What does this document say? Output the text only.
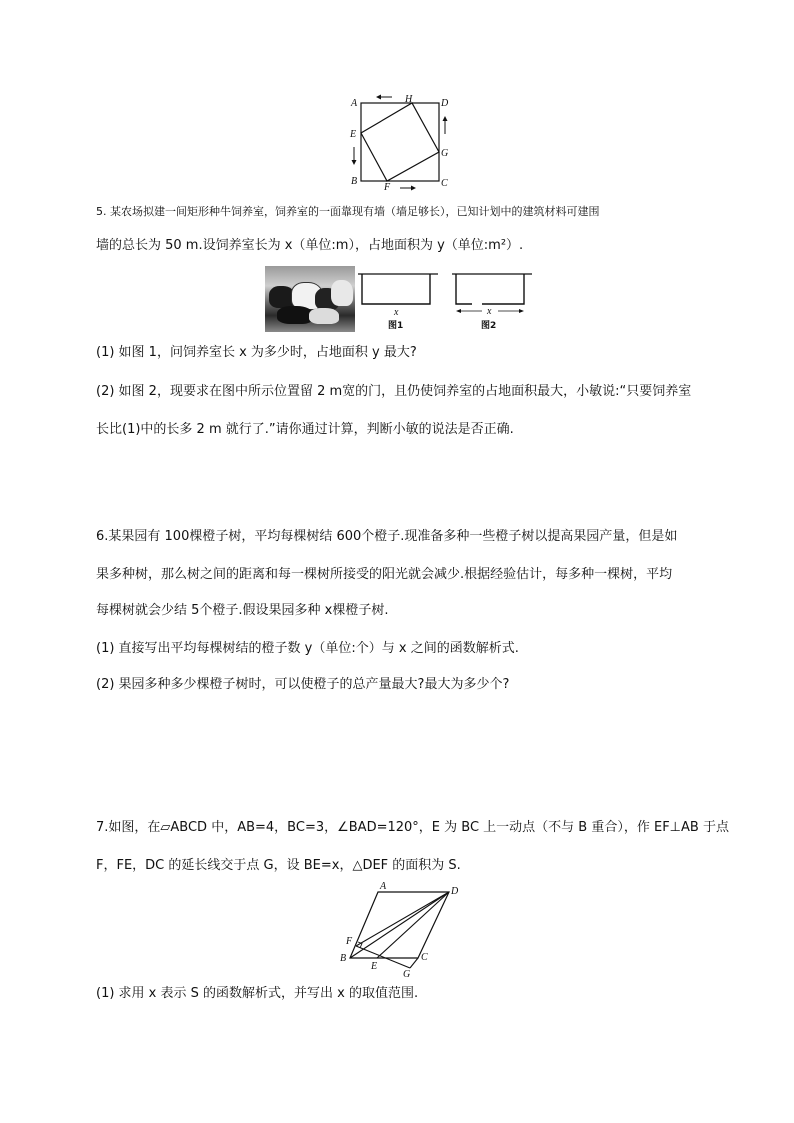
A	H	D
E
G
B
F	C
5. 某农场拟建一间矩形种牛饲养室，饲养室的一面靠现有墙（墙足够长），已知计划中的建筑材料可建围
墙的总长为 50 m.设饲养室长为 x（单位:m），占地面积为 y（单位:m²）.
x
图1
x
图2
(1) 如图 1，问饲养室长 x 为多少时，占地面积 y 最大?
(2) 如图 2，现要求在图中所示位置留 2 m宽的门，且仍使饲养室的占地面积最大，小敏说:“只要饲养室
长比(1)中的长多 2 m 就行了.”请你通过计算，判断小敏的说法是否正确.
6.某果园有 100棵橙子树，平均每棵树结 600个橙子.现准备多种一些橙子树以提高果园产量，但是如
果多种树，那么树之间的距离和每一棵树所接受的阳光就会减少.根据经验估计，每多种一棵树，平均
每棵树就会少结 5个橙子.假设果园多种 x棵橙子树.
(1) 直接写出平均每棵树结的橙子数 y（单位:个）与 x 之间的函数解析式.
(2) 果园多种多少棵橙子树时，可以使橙子的总产量最大?最大为多少个?
7.如图，在▱ABCD 中，AB=4，BC=3，∠BAD=120°，E 为 BC 上一动点（不与 B 重合），作 EF⊥AB 于点
F，FE，DC 的延长线交于点 G，设 BE=x，△DEF 的面积为 S.
A	D
F
B
E
C
G
(1) 求用 x 表示 S 的函数解析式，并写出 x 的取值范围.
